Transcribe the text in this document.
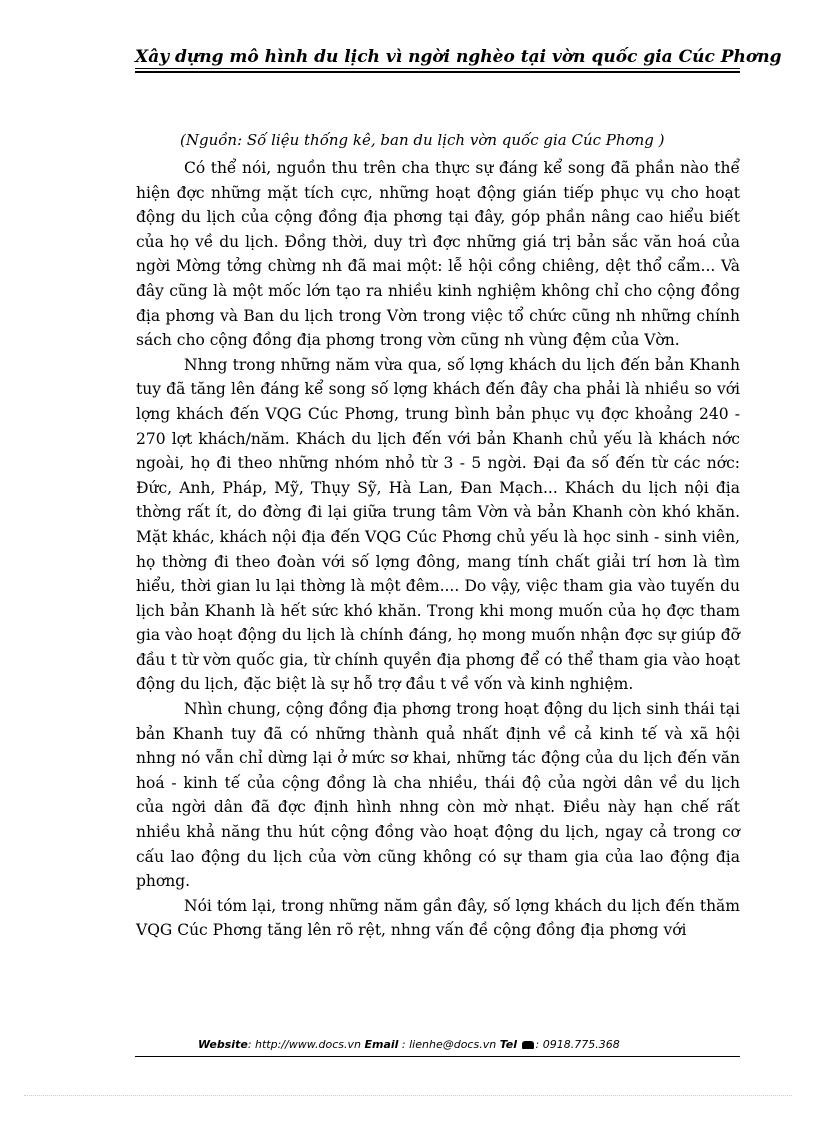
Xây dựng mô hình du lịch vì ngời nghèo tại vờn quốc gia Cúc Phơng
(Nguồn: Số liệu thống kê, ban du lịch vờn quốc gia Cúc Phơng )

Có thể nói, nguồn thu trên cha thực sự đáng kể song đã phần nào thể hiện đợc những mặt tích cực, những hoạt động gián tiếp phục vụ cho hoạt động du lịch của cộng đồng địa phơng tại đây, góp phần nâng cao hiểu biết của họ về du lịch. Đồng thời, duy trì đợc những giá trị bản sắc văn hoá của ngời Mờng tởng chừng nh đã mai một: lễ hội cồng chiêng, dệt thổ cẩm... Và đây cũng là một mốc lớn tạo ra nhiều kinh nghiệm không chỉ cho cộng đồng địa phơng và Ban du lịch trong Vờn trong việc tổ chức cũng nh những chính sách cho cộng đồng địa phơng trong vờn cũng nh vùng đệm của Vờn.

Nhng trong những năm vừa qua, số lợng khách du lịch đến bản Khanh tuy đã tăng lên đáng kể song số lợng khách đến đây cha phải là nhiều so với lợng khách đến VQG Cúc Phơng, trung bình bản phục vụ đợc khoảng 240 - 270 lợt khách/năm. Khách du lịch đến với bản Khanh chủ yếu là khách nớc ngoài, họ đi theo những nhóm nhỏ từ 3 - 5 ngời. Đại đa số đến từ các nớc: Đức, Anh, Pháp, Mỹ, Thụy Sỹ, Hà Lan, Đan Mạch... Khách du lịch nội địa thờng rất ít, do đờng đi lại giữa trung tâm Vờn và bản Khanh còn khó khăn. Mặt khác, khách nội địa đến VQG Cúc Phơng chủ yếu là học sinh - sinh viên, họ thờng đi theo đoàn với số lợng đông, mang tính chất giải trí hơn là tìm hiểu, thời gian lu lại thờng là một đêm.... Do vậy, việc tham gia vào tuyến du lịch bản Khanh là hết sức khó khăn. Trong khi mong muốn của họ đợc tham gia vào hoạt động du lịch là chính đáng, họ mong muốn nhận đợc sự giúp đỡ đầu t từ vờn quốc gia, từ chính quyền địa phơng để có thể tham gia vào hoạt động du lịch, đặc biệt là sự hỗ trợ đầu t về vốn và kinh nghiệm.

Nhìn chung, cộng đồng địa phơng trong hoạt động du lịch sinh thái tại bản Khanh tuy đã có những thành quả nhất định về cả kinh tế và xã hội nhng nó vẫn chỉ dừng lại ở mức sơ khai, những tác động của du lịch đến văn hoá - kinh tế của cộng đồng là cha nhiều, thái độ của ngời dân về du lịch của ngời dân đã đợc định hình nhng còn mờ nhạt. Điều này hạn chế rất nhiều khả năng thu hút cộng đồng vào hoạt động du lịch, ngay cả trong cơ cấu lao động du lịch của vờn cũng không có sự tham gia của lao động địa phơng.

Nói tóm lại, trong những năm gần đây, số lợng khách du lịch đến thăm VQG Cúc Phơng tăng lên rõ rệt, nhng vấn đề cộng đồng địa phơng với

Website: http://www.docs.vn Email : lienhe@docs.vn Tel : 0918.775.368
